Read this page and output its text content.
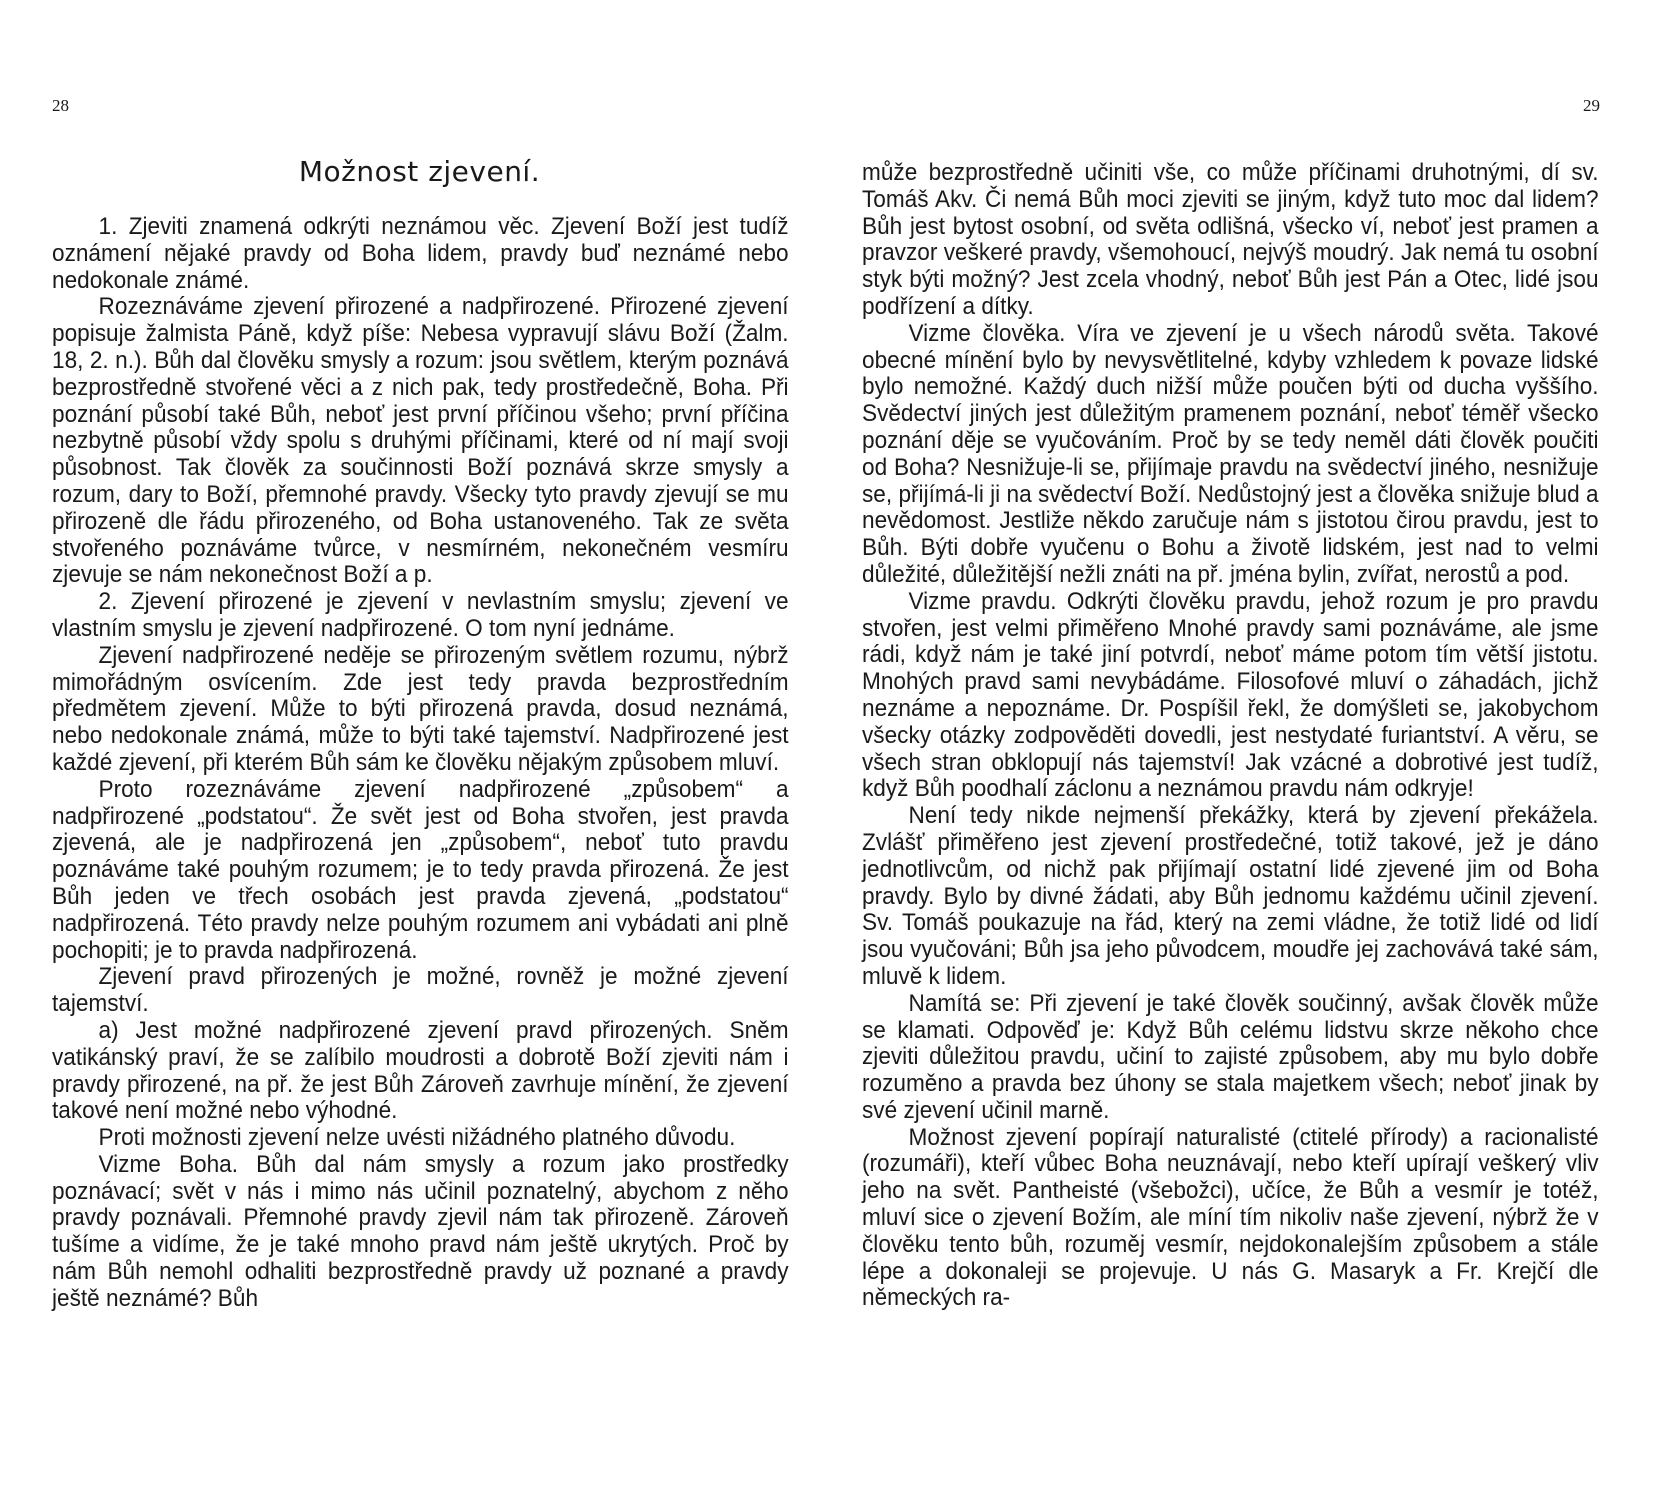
28
Možnost zjevení.

1. Zjeviti znamená odkrýti neznámou věc. Zjevení Boží jest tudíž oznámení nějaké pravdy od Boha lidem, pravdy buď neznámé nebo nedokonale známé.

Rozeznáváme zjevení přirozené a nadpřirozené. Přirozené zjevení popisuje žalmista Páně, když píše: Nebesa vypravují slávu Boží (Žalm. 18, 2. n.). Bůh dal člověku smysly a rozum: jsou světlem, kterým poznává bezprostředně stvořené věci a z nich pak, tedy prostředečně, Boha. Při poznání působí také Bůh, neboť jest první příčinou všeho; první příčina nezbytně působí vždy spolu s druhými příčinami, které od ní mají svoji působnost. Tak člověk za součinnosti Boží poznává skrze smysly a rozum, dary to Boží, přemnohé pravdy. Všecky tyto pravdy zjevují se mu přirozeně dle řádu přirozeného, od Boha ustanoveného. Tak ze světa stvořeného poznáváme tvůrce, v nesmírném, nekonečném vesmíru zjevuje se nám nekonečnost Boží a p.

2. Zjevení přirozené je zjevení v nevlastním smyslu; zjevení ve vlastním smyslu je zjevení nadpřirozené. O tom nyní jednáme.

Zjevení nadpřirozené neděje se přirozeným světlem rozumu, nýbrž mimořádným osvícením. Zde jest tedy pravda bezprostředním předmětem zjevení. Může to býti přirozená pravda, dosud neznámá, nebo nedokonale známá, může to býti také tajemství. Nadpřirozené jest každé zjevení, při kterém Bůh sám ke člověku nějakým způsobem mluví.

Proto rozeznáváme zjevení nadpřirozené „způsobem“ a nadpřirozené „podstatou“. Že svět jest od Boha stvořen, jest pravda zjevená, ale je nadpřirozená jen „způsobem“, neboť tuto pravdu poznáváme také pouhým rozumem; je to tedy pravda přirozená. Že jest Bůh jeden ve třech osobách jest pravda zjevená, „podstatou“ nadpřirozená. Této pravdy nelze pouhým rozumem ani vybádati ani plně pochopiti; je to pravda nadpřirozená.

Zjevení pravd přirozených je možné, rovněž je možné zjevení tajemství.

a) Jest možné nadpřirozené zjevení pravd přirozených. Sněm vatikánský praví, že se zalíbilo moudrosti a dobrotě Boží zjeviti nám i pravdy přirozené, na př. že jest Bůh Zároveň zavrhuje mínění, že zjevení takové není možné nebo výhodné.

Proti možnosti zjevení nelze uvésti nižádného platného důvodu.

Vizme Boha. Bůh dal nám smysly a rozum jako prostředky poznávací; svět v nás i mimo nás učinil poznatelný, abychom z něho pravdy poznávali. Přemnohé pravdy zjevil nám tak přirozeně. Zároveň tušíme a vidíme, že je také mnoho pravd nám ještě ukrytých. Proč by nám Bůh nemohl odhaliti bezprostředně pravdy už poznané a pravdy ještě neznámé? Bůh

29

může bezprostředně učiniti vše, co může příčinami druhotnými, dí sv. Tomáš Akv. Či nemá Bůh moci zjeviti se jiným, když tuto moc dal lidem? Bůh jest bytost osobní, od světa odlišná, všecko ví, neboť jest pramen a pravzor veškeré pravdy, všemohoucí, nejvýš moudrý. Jak nemá tu osobní styk býti možný? Jest zcela vhodný, neboť Bůh jest Pán a Otec, lidé jsou podřízení a dítky.

Vizme člověka. Víra ve zjevení je u všech národů světa. Takové obecné mínění bylo by nevysvětlitelné, kdyby vzhledem k povaze lidské bylo nemožné. Každý duch nižší může poučen býti od ducha vyššího. Svědectví jiných jest důležitým pramenem poznání, neboť téměř všecko poznání děje se vyučováním. Proč by se tedy neměl dáti člověk poučiti od Boha? Nesnižuje-li se, přijímaje pravdu na svědectví jiného, nesnižuje se, přijímá-li ji na svědectví Boží. Nedůstojný jest a člověka snižuje blud a nevědomost. Jestliže někdo zaručuje nám s jistotou čirou pravdu, jest to Bůh. Býti dobře vyučenu o Bohu a životě lidském, jest nad to velmi důležité, důležitější nežli znáti na př. jména bylin, zvířat, nerostů a pod.

Vizme pravdu. Odkrýti člověku pravdu, jehož rozum je pro pravdu stvořen, jest velmi přiměřeno Mnohé pravdy sami poznáváme, ale jsme rádi, když nám je také jiní potvrdí, neboť máme potom tím větší jistotu. Mnohých pravd sami nevybádáme. Filosofové mluví o záhadách, jichž neznáme a nepoznáme. Dr. Pospíšil řekl, že domýšleti se, jakobychom všecky otázky zodpověděti dovedli, jest nestydaté furiantství. A věru, se všech stran obklopují nás tajemství! Jak vzácné a dobrotivé jest tudíž, když Bůh poodhalí záclonu a neznámou pravdu nám odkryje!

Není tedy nikde nejmenší překážky, která by zjevení překážela. Zvlášť přiměřeno jest zjevení prostředečné, totiž takové, jež je dáno jednotlivcům, od nichž pak přijímají ostatní lidé zjevené jim od Boha pravdy. Bylo by divné žádati, aby Bůh jednomu každému učinil zjevení. Sv. Tomáš poukazuje na řád, který na zemi vládne, že totiž lidé od lidí jsou vyučováni; Bůh jsa jeho původcem, moudře jej zachovává také sám, mluvě k lidem.

Namítá se: Při zjevení je také člověk součinný, avšak člověk může se klamati. Odpověď je: Když Bůh celému lidstvu skrze někoho chce zjeviti důležitou pravdu, učiní to zajisté způsobem, aby mu bylo dobře rozuměno a pravda bez úhony se stala majetkem všech; neboť jinak by své zjevení učinil marně.

Možnost zjevení popírají naturalisté (ctitelé přírody) a racionalisté (rozumáři), kteří vůbec Boha neuznávají, nebo kteří upírají veškerý vliv jeho na svět. Pantheisté (všebožci), učíce, že Bůh a vesmír je totéž, mluví sice o zjevení Božím, ale míní tím nikoliv naše zjevení, nýbrž že v člověku tento bůh, rozuměj vesmír, nejdokonalejším způsobem a stále lépe a dokonaleji se projevuje. U nás G. Masaryk a Fr. Krejčí dle německých ra-
